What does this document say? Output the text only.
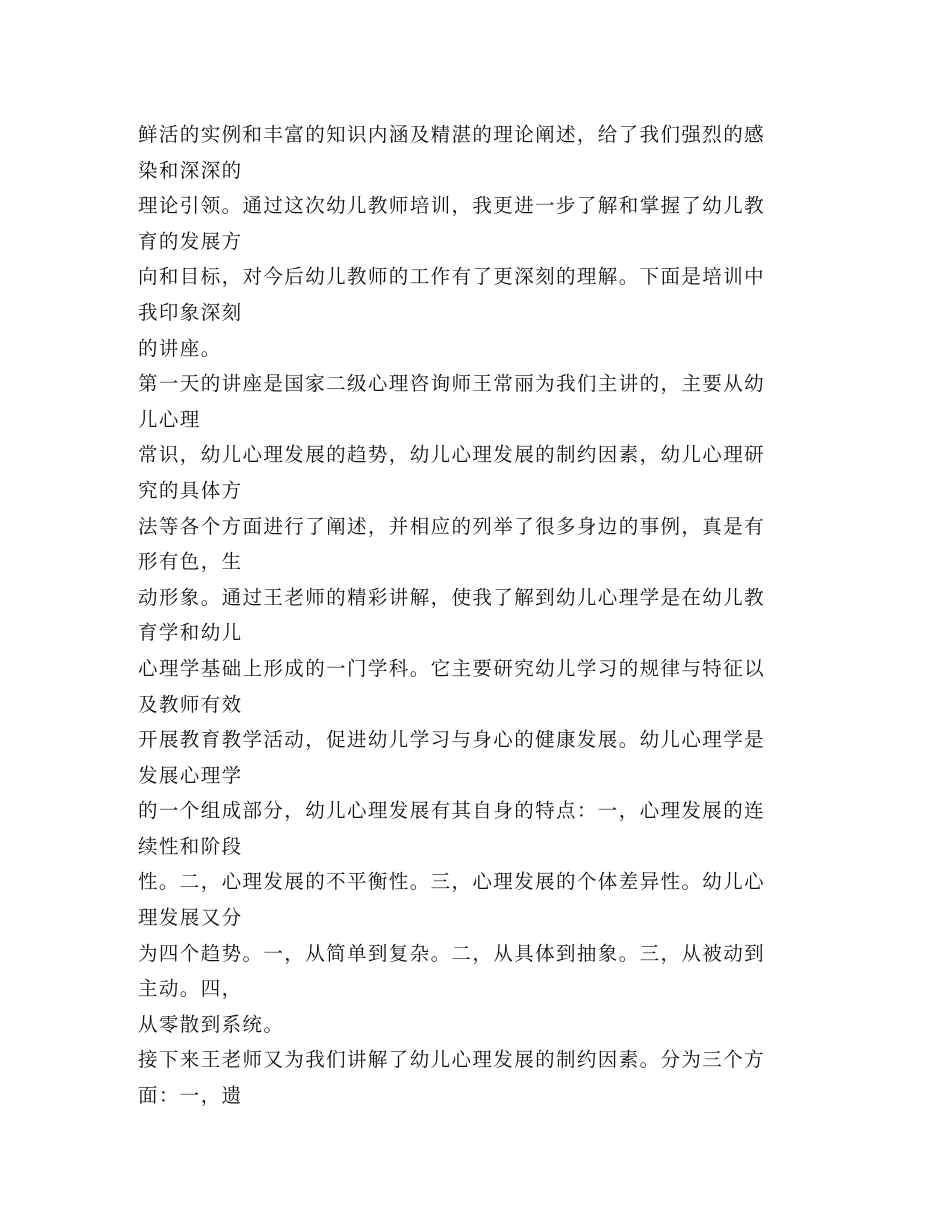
鲜活的实例和丰富的知识内涵及精湛的理论阐述，给了我们强烈的感
染和深深的
理论引领。通过这次幼儿教师培训，我更进一步了解和掌握了幼儿教
育的发展方
向和目标，对今后幼儿教师的工作有了更深刻的理解。下面是培训中
我印象深刻
的讲座。
第一天的讲座是国家二级心理咨询师王常丽为我们主讲的，主要从幼
儿心理
常识，幼儿心理发展的趋势，幼儿心理发展的制约因素，幼儿心理研
究的具体方
法等各个方面进行了阐述，并相应的列举了很多身边的事例，真是有
形有色，生
动形象。通过王老师的精彩讲解，使我了解到幼儿心理学是在幼儿教
育学和幼儿
心理学基础上形成的一门学科。它主要研究幼儿学习的规律与特征以
及教师有效
开展教育教学活动，促进幼儿学习与身心的健康发展。幼儿心理学是
发展心理学
的一个组成部分，幼儿心理发展有其自身的特点：一，心理发展的连
续性和阶段
性。二，心理发展的不平衡性。三，心理发展的个体差异性。幼儿心
理发展又分
为四个趋势。一，从简单到复杂。二，从具体到抽象。三，从被动到
主动。四，
从零散到系统。
接下来王老师又为我们讲解了幼儿心理发展的制约因素。分为三个方
面：一，遗
